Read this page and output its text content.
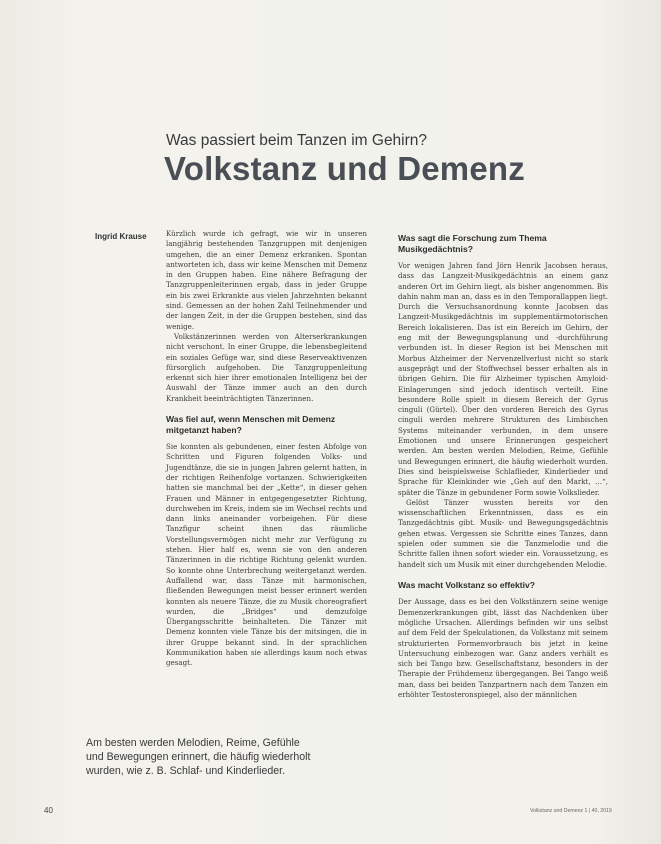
Was passiert beim Tanzen im Gehirn?
Volkstanz und Demenz
Ingrid Krause	Kürzlich wurde ich gefragt, wie wir in unseren langjährig bestehenden Tanzgruppen mit denjenigen umgehen, die an einer Demenz erkranken. Spontan antworteten ich, dass wir keine Menschen mit Demenz in den Gruppen haben. Eine nähere Befragung der Tanzgruppenleiterinnen ergab, dass in jeder Gruppe ein bis zwei Erkrankte aus vielen Jahrzehnten bekannt sind. Gemessen an der hohen Zahl Teilnehmender und der langen Zeit, in der die Gruppen bestehen, sind das wenige.

Volkstänzerinnen werden von Alterserkrankungen nicht verschont. In einer Gruppe, die lebensbegleitend ein soziales Gefüge war, sind diese Reserveaktivenzen fürsorglich aufgehoben. Die Tanzgruppenleitung erkennt sich hier ihrer emotionalen Intelligenz bei der Auswahl der Tänze immer auch an den durch Krankheit beeinträchtigten Tänzerinnen.

Was fiel auf, wenn Menschen mit Demenz mitgetanzt haben?

Sie konnten als gebundenen, einer festen Abfolge von Schritten und Figuren folgenden Volks- und Jugendtänze, die sie in jungen Jahren gelernt hatten, in der richtigen Reihenfolge vortanzen. Schwierigkeiten hatten sie manchmal bei der „Kette“, in dieser gehen Frauen und Männer in entgegengesetzter Richtung, durchweben im Kreis, indem sie im Wechsel rechts und dann links aneinander vorbeigehen. Für diese Tanzfigur scheint ihnen das räumliche Vorstellungsvermögen nicht mehr zur Verfügung zu stehen. Hier half es, wenn sie von den anderen Tänzerinnen in die richtige Richtung gelenkt wurden. So konnte ohne Unterbrechung weitergetanzt werden. Auffallend war, dass Tänze mit harmonischen, fließenden Bewegungen meist besser erinnert werden konnten als neuere Tänze, die zu Musik choreografiert wurden, die „Bridges“ und demzufolge Übergangsschritte beinhalteten. Die Tänzer mit Demenz konnten viele Tänze bis der mitsingen, die in ihrer Gruppe bekannt sind. In der sprachlichen Kommunikation haben sie allerdings kaum noch etwas gesagt.

Was sagt die Forschung zum Thema Musikgedächtnis?

Vor wenigen Jahren fand Jörn Henrik Jacobsen heraus, dass das Langzeit-Musikgedächtnis an einem ganz anderen Ort im Gehirn liegt, als bisher angenommen. Bis dahin nahm man an, dass es in den Temporallappen liegt. Durch die Versuchsanordnung konnte Jacobsen das Langzeit-Musikgedächtnis im supplementärmotorischen Bereich lokalisieren. Das ist ein Bereich im Gehirn, der eng mit der Bewegungsplanung und -durchführung verbunden ist. In dieser Region ist bei Menschen mit Morbus Alzheimer der Nervenzellverlust nicht so stark ausgeprägt und der Stoffwechsel besser erhalten als in übrigen Gehirn. Die für Alzheimer typischen Amyloid-Einlagerungen sind jedoch identisch verteilt. Eine besondere Rolle spielt in diesem Bereich der Gyrus cinguli (Gürtel). Über den vorderen Bereich des Gyrus cinguli werden mehrere Strukturen des Limbischen Systems miteinander verbunden, in dem unsere Emotionen und unsere Erinnerungen gespeichert werden. Am besten werden Melodien, Reime, Gefühle und Bewegungen erinnert, die häufig wiederholt wurden. Dies sind beispielsweise Schlaflieder, Kinderlieder und Sprache für Kleinkinder wie „Geh auf den Markt, …“, später die Tänze in gebundener Form sowie Volkslieder.

Gelöst Tänzer wussten bereits vor den wissenschaftlichen Erkenntnissen, dass es ein Tanzgedächtnis gibt. Musik- und Bewegungsgedächtnis gehen etwas. Vergessen sie Schritte eines Tanzes, dann spielen oder summen sie die Tanzmelodie und die Schritte fallen ihnen sofort wieder ein. Voraussetzung, es handelt sich um Musik mit einer durchgehenden Melodie.

Was macht Volkstanz so effektiv?

Der Aussage, dass es bei den Volkstänzern seine wenige Demenzerkrankungen gibt, lässt das Nachdenken über mögliche Ursachen. Allerdings befinden wir uns selbst auf dem Feld der Spekulationen, da Volkstanz mit seinem strukturierten Formenvorbrauch bis jetzt in keine Untersuchung einbezogen war. Ganz anders verhält es sich bei Tango bzw. Gesellschaftstanz, besonders in der Therapie der Frühdemenz übergegangen. Bei Tango weiß man, dass bei beiden Tanzpartnern nach dem Tanzen ein erhöhter Testosteronspiegel, also der männlichen

Am besten werden Melodien, Reime, Gefühle und Bewegungen erinnert, die häufig wiederholt wurden, wie z. B. Schlaf- und Kinderlieder.
40	Volkstanz und Demenz 1 | 40, 2019
